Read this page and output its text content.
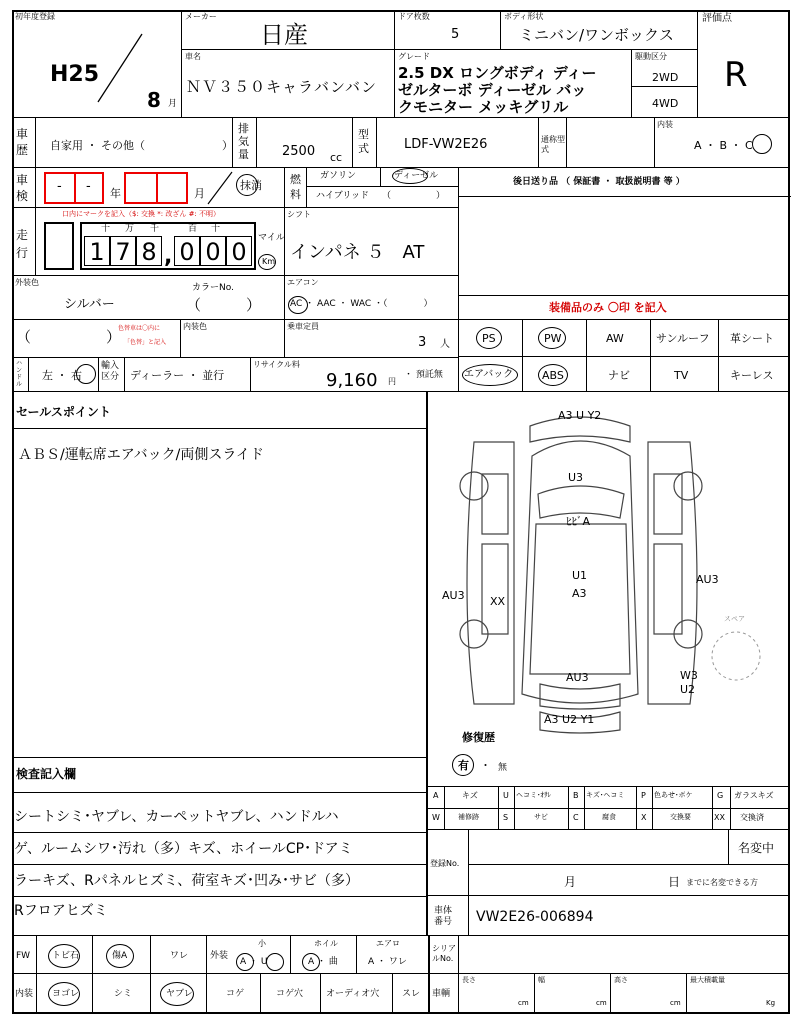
初年度登録
H25
8 月
メーカー
日産
ドア枚数
5
ボディ形状
ミニバン/ワンボックス
評価点
R
車名
ＮＶ３５０キャラバンバン
グレード
2.5 DX ロングボディ ディー
ゼルターボ ディーゼル バッ
クモニター メッキグリル
駆動区分
2WD
4WD
車歴 自家用 ・ その他（　　　　　　　）
排気量	2500 cc
型式	LDF-VW2E26	通称型式
内装
A ・ B ・ C
車検
- - 年	月
抹消	燃料
ガソリン	ディーゼル
ハイブリッド （　　　　　）
後日送り品 （ 保証書 ・ 取扱説明書 等 ）
走行
口内にマークを記入（$: 交換 *: 改ざん #: 不明）
十 万 千	百 十
1 7 8 , 0 0 0	マイル
Km
シフト
インパネ ５　AT
外装色
シルバー
カラーNo.
（　　　）
エアコン
AC ・ AAC ・ WAC ・（　　　　）	装備品のみ 〇印 を記入
（　　　　　）
色替車は〇内に
「色替」と記入
内装色	乗車定員
3 人	PS	PW	AW	サンルーフ 革シート
エアバック	ABS	ナビ	TV	キーレス
ハンドル
左 ・ 右
輸入区分 ディーラー ・ 並行
リサイクル料
9,160 円
・ 預託無
セールスポイント
ＡＢＳ/運転席エアバック/両側スライド
A3 U Y2
U3
ﾋﾋﾞA
U1
A3
AU3 XX
AU3
AU3	W3
U2
A3 U2 Y1
スペア
修復歴
有 ・ 無
検査記入欄
シートシミ･ヤブレ、カーペットヤブレ、ハンドルハ
ゲ、ルームシワ･汚れ（多）キズ、ホイールCP･ドアミ
ラーキズ、Rパネルヒズミ、荷室キズ･凹み･サビ（多）
Rフロアヒズミ
A	キズ	U ヘコミ･ｵｻﾚ	B キズ･ヘコミ P 色あせ･ボケ	G ガラスキズ
W	補修跡	S	サビ	C	腐食	X	交換要	XX 交換済
登録No.
名変中
月	日 までに名変できる方
車体番号	VW2E26-006894
FW トビ石	傷A	ワレ 外装
小
A ・ U
ホイル
A ・ 曲
エアロ
A ・ ワレ
シリアルNo.
内装 ヨゴレ	シミ	ヤブレ	コゲ	コゲ穴	オーディオ穴	スレ 車輌
長さ
cm
幅
cm
高さ
cm
最大積載量
Kg
